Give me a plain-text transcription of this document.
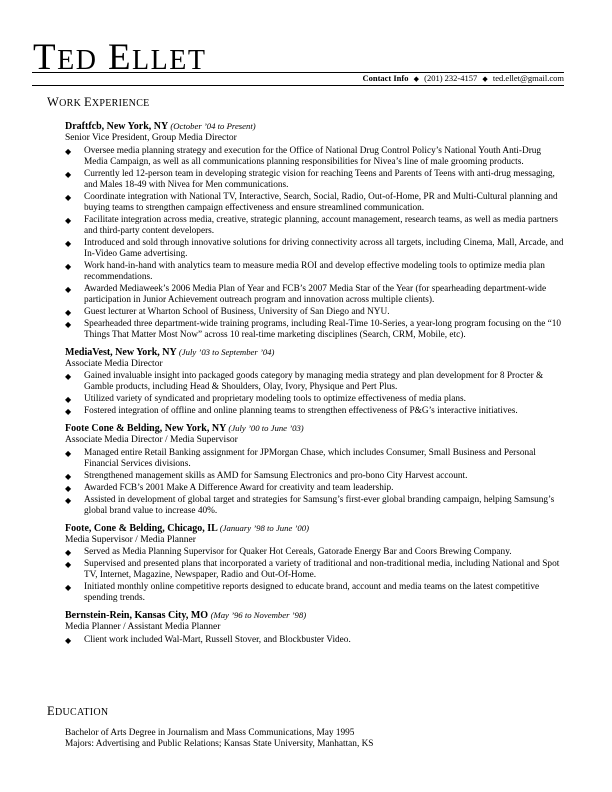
TED ELLET
Contact Info ◆ (201) 232-4157 ◆ ted.ellet@gmail.com
WORK EXPERIENCE
Draftfcb, New York, NY (October ’04 to Present)
Senior Vice President, Group Media Director
◆ Oversee media planning strategy and execution for the Office of National Drug Control Policy’s National Youth Anti-Drug Media Campaign, as well as all communications planning responsibilities for Nivea’s line of male grooming products.
◆ Currently led 12-person team in developing strategic vision for reaching Teens and Parents of Teens with anti-drug messaging, and Males 18-49 with Nivea for Men communications.
◆ Coordinate integration with National TV, Interactive, Search, Social, Radio, Out-of-Home, PR and Multi-Cultural planning and buying teams to strengthen campaign effectiveness and ensure streamlined communication.
◆ Facilitate integration across media, creative, strategic planning, account management, research teams, as well as media partners and third-party content developers.
◆ Introduced and sold through innovative solutions for driving connectivity across all targets, including Cinema, Mall, Arcade, and In-Video Game advertising.
◆ Work hand-in-hand with analytics team to measure media ROI and develop effective modeling tools to optimize media plan recommendations.
◆ Awarded Mediaweek’s 2006 Media Plan of Year and FCB’s 2007 Media Star of the Year (for spearheading department-wide participation in Junior Achievement outreach program and innovation across multiple clients).
◆ Guest lecturer at Wharton School of Business, University of San Diego and NYU.
◆ Spearheaded three department-wide training programs, including Real-Time 10-Series, a year-long program focusing on the “10 Things That Matter Most Now” across 10 real-time marketing disciplines (Search, CRM, Mobile, etc).
MediaVest, New York, NY (July ’03 to September ’04)
Associate Media Director
◆ Gained invaluable insight into packaged goods category by managing media strategy and plan development for 8 Procter & Gamble products, including Head & Shoulders, Olay, Ivory, Physique and Pert Plus.
◆ Utilized variety of syndicated and proprietary modeling tools to optimize effectiveness of media plans.
◆ Fostered integration of offline and online planning teams to strengthen effectiveness of P&G’s interactive initiatives.
Foote Cone & Belding, New York, NY (July ’00 to June ’03)
Associate Media Director / Media Supervisor
◆ Managed entire Retail Banking assignment for JPMorgan Chase, which includes Consumer, Small Business and Personal Financial Services divisions.
◆ Strengthened management skills as AMD for Samsung Electronics and pro-bono City Harvest account.
◆ Awarded FCB’s 2001 Make A Difference Award for creativity and team leadership.
◆ Assisted in development of global target and strategies for Samsung’s first-ever global branding campaign, helping Samsung’s global brand value to increase 40%.
Foote, Cone & Belding, Chicago, IL (January ’98 to June ’00)
Media Supervisor / Media Planner
◆ Served as Media Planning Supervisor for Quaker Hot Cereals, Gatorade Energy Bar and Coors Brewing Company.
◆ Supervised and presented plans that incorporated a variety of traditional and non-traditional media, including National and Spot TV, Internet, Magazine, Newspaper, Radio and Out-Of-Home.
◆ Initiated monthly online competitive reports designed to educate brand, account and media teams on the latest competitive spending trends.
Bernstein-Rein, Kansas City, MO (May ’96 to November ’98)
Media Planner / Assistant Media Planner
◆ Client work included Wal-Mart, Russell Stover, and Blockbuster Video.
EDUCATION
Bachelor of Arts Degree in Journalism and Mass Communications, May 1995
Majors: Advertising and Public Relations; Kansas State University, Manhattan, KS
